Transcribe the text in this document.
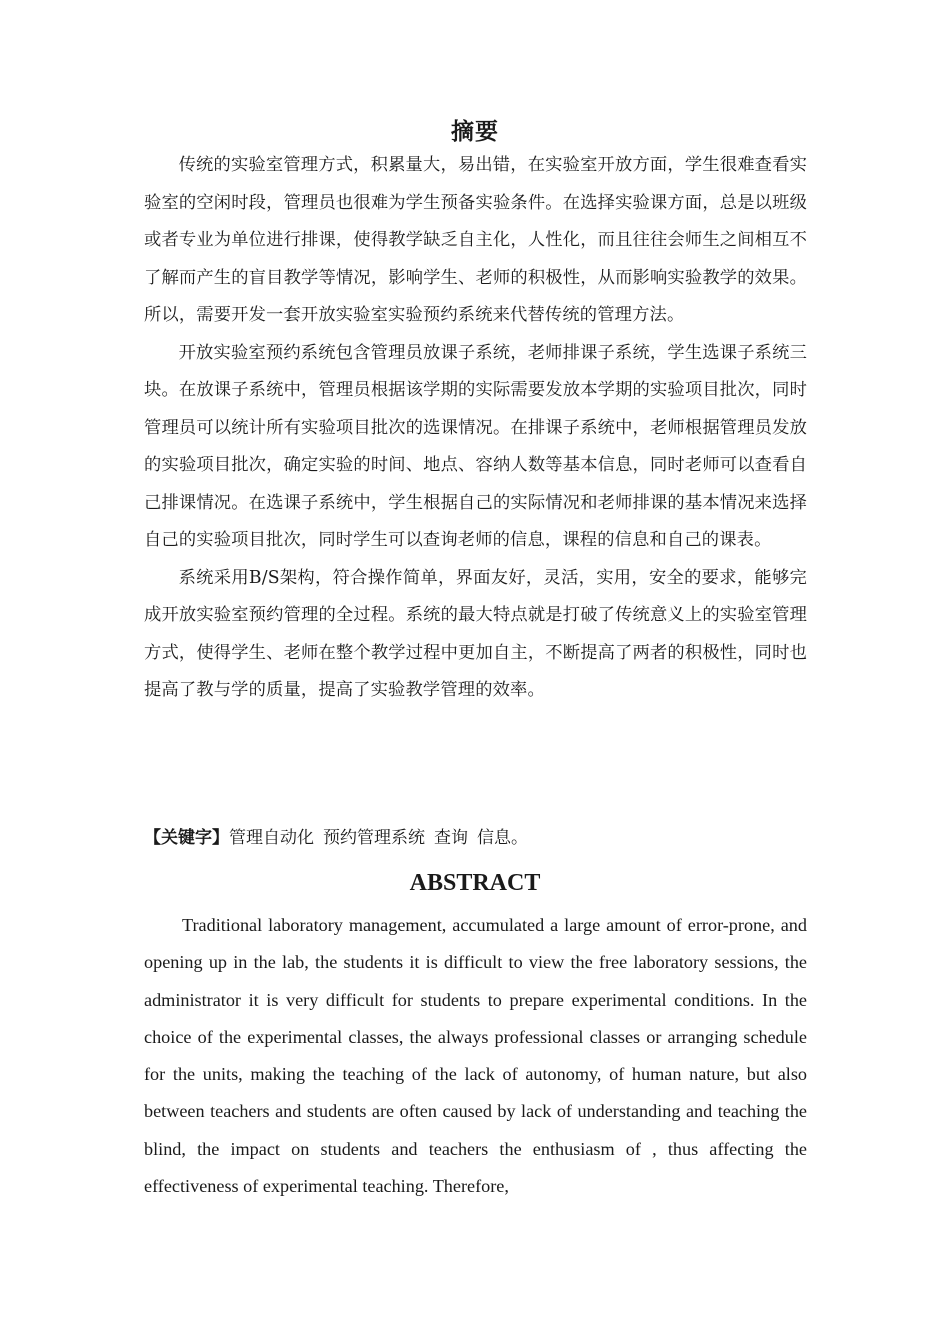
摘要

传统的实验室管理方式，积累量大，易出错，在实验室开放方面，学生很难查看实验室的空闲时段，管理员也很难为学生预备实验条件。在选择实验课方面，总是以班级或者专业为单位进行排课，使得教学缺乏自主化，人性化，而且往往会师生之间相互不了解而产生的盲目教学等情况，影响学生、老师的积极性，从而影响实验教学的效果。所以，需要开发一套开放实验室实验预约系统来代替传统的管理方法。

开放实验室预约系统包含管理员放课子系统，老师排课子系统，学生选课子系统三块。在放课子系统中，管理员根据该学期的实际需要发放本学期的实验项目批次，同时管理员可以统计所有实验项目批次的选课情况。在排课子系统中，老师根据管理员发放的实验项目批次，确定实验的时间、地点、容纳人数等基本信息，同时老师可以查看自己排课情况。在选课子系统中，学生根据自己的实际情况和老师排课的基本情况来选择自己的实验项目批次，同时学生可以查询老师的信息，课程的信息和自己的课表。

系统采用B/S架构，符合操作简单，界面友好，灵活，实用，安全的要求，能够完成开放实验室预约管理的全过程。系统的最大特点就是打破了传统意义上的实验室管理方式，使得学生、老师在整个教学过程中更加自主，不断提高了两者的积极性，同时也提高了教与学的质量，提高了实验教学管理的效率。

【关键字】管理自动化 预约管理系统 查询 信息。
ABSTRACT

Traditional laboratory management, accumulated a large amount of error-prone, and opening up in the lab, the students it is difficult to view the free laboratory sessions, the administrator it is very difficult for students to prepare experimental conditions. In the choice of the experimental classes, the always professional classes or arranging schedule for the units, making the teaching of the lack of autonomy, of human nature, but also between teachers and students are often caused by lack of understanding and teaching the blind, the impact on students and teachers the enthusiasm of , thus affecting the effectiveness of experimental teaching. Therefore,
